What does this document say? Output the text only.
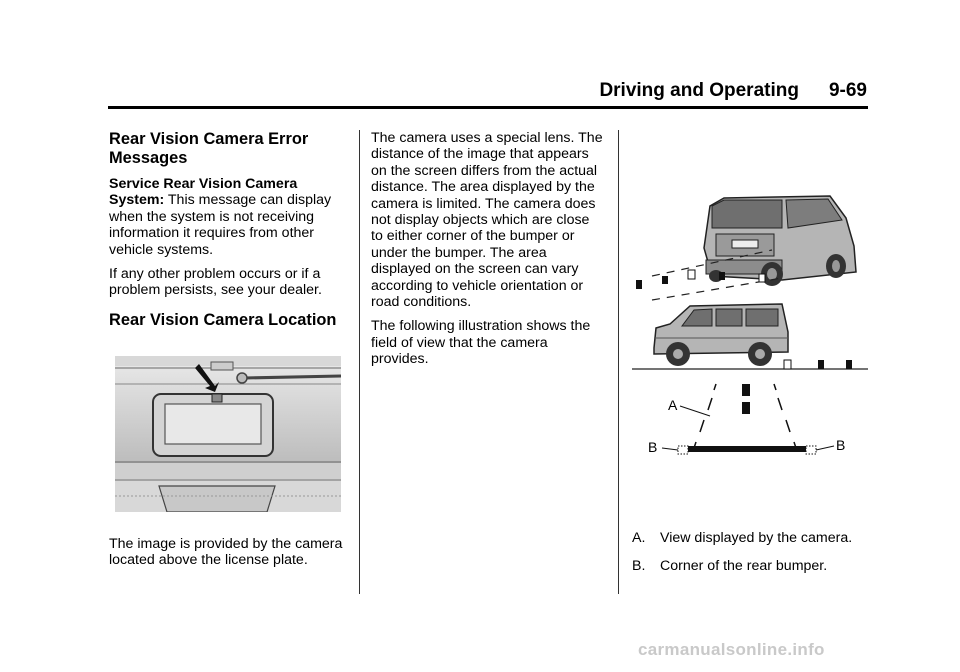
Driving and Operating 9-69
Rear Vision Camera Error Messages

Service Rear Vision Camera System: This message can display when the system is not receiving information it requires from other vehicle systems.

If any other problem occurs or if a problem persists, see your dealer.

Rear Vision Camera Location

The image is provided by the camera located above the license plate.

The camera uses a special lens. The distance of the image that appears on the screen differs from the actual distance. The area displayed by the camera is limited. The camera does not display objects which are close to either corner of the bumper or under the bumper. The area displayed on the screen can vary according to vehicle orientation or road conditions.

The following illustration shows the field of view that the camera provides.

A
B	B

A. View displayed by the camera.

B. Corner of the rear bumper.

carmanualsonline.info
